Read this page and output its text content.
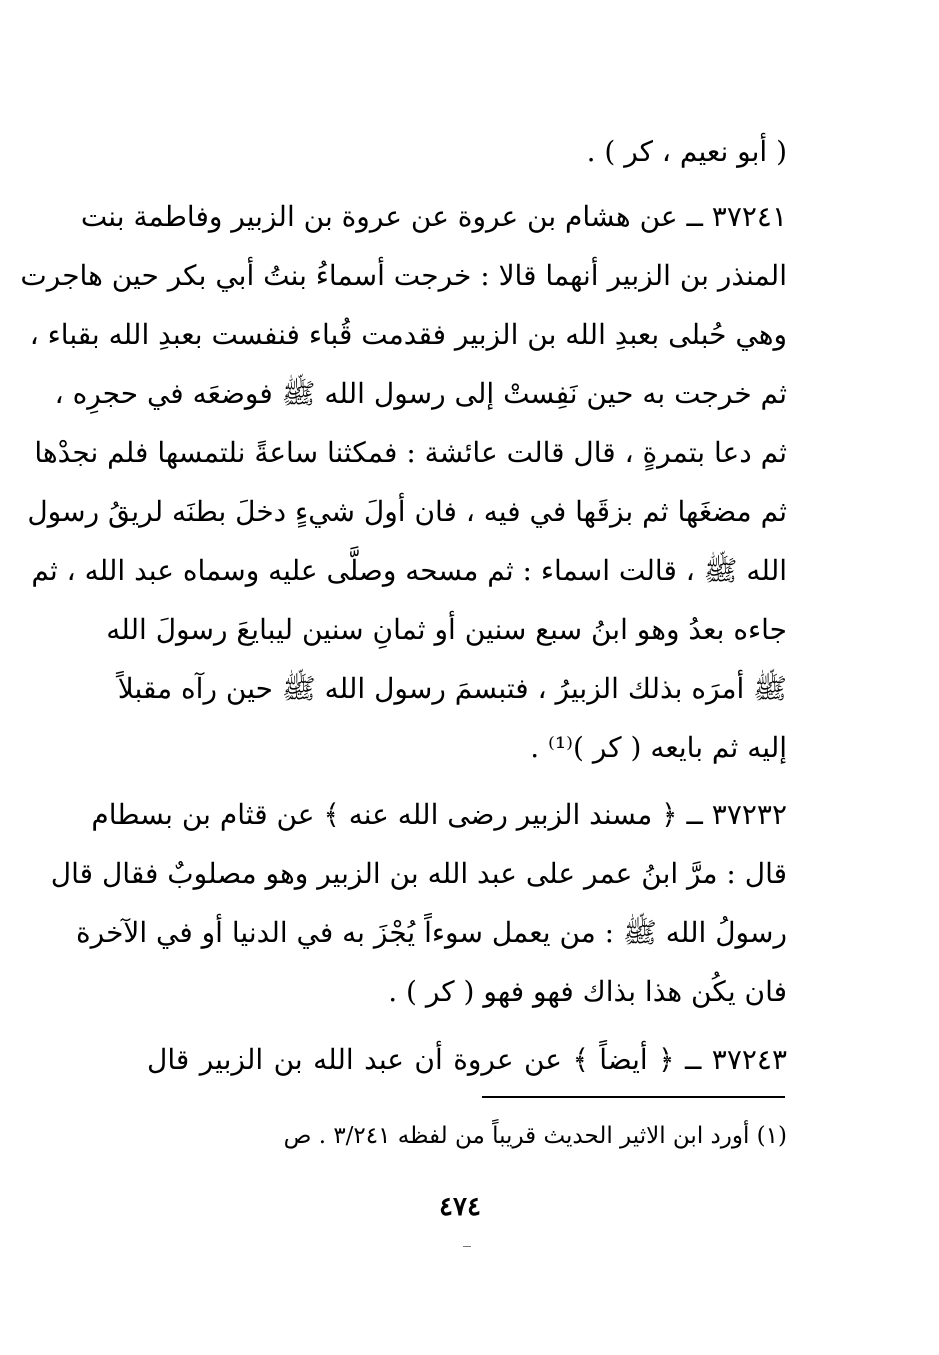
( أبو نعيم ، كر ) .
٣٧٢٤١ ــ عن هشام بن عروة عن عروة بن الزبير وفاطمة بنت
المنذر بن الزبير أنهما قالا : خرجت أسماءُ بنتُ أبي بكر حين هاجرت
وهي حُبلى بعبدِ الله بن الزبير فقدمت قُباء فنفست بعبدِ الله بقباء ،
ثم خرجت به حين نَفِستْ إلى رسول الله ﷺ فوضعَه في حجرِه ،
ثم دعا بتمرةٍ ، قال قالت عائشة : فمكثنا ساعةً نلتمسها فلم نجدْها
ثم مضغَها ثم بزقَها في فيه ، فان أولَ شيءٍ دخلَ بطنَه لريقُ رسول
الله ﷺ ، قالت اسماء : ثم مسحه وصلَّى عليه وسماه عبد الله ، ثم
جاءه بعدُ وهو ابنُ سبع سنين أو ثمانِ سنين ليبايعَ رسولَ الله
ﷺ أمرَه بذلك الزبيرُ ، فتبسمَ رسول الله ﷺ حين رآه مقبلاً
إليه ثم بايعه ( كر )⁽¹⁾ .
٣٧٢٣٢ ــ ﴿ مسند الزبير رضى الله عنه ﴾ عن قثام بن بسطام
قال : مرَّ ابنُ عمر على عبد الله بن الزبير وهو مصلوبٌ فقال قال
رسولُ الله ﷺ : من يعمل سوءاً يُجْزَ به في الدنيا أو في الآخرة
فان يكُن هذا بذاك فهو فهو ( كر ) .
٣٧٢٤٣ ــ ﴿ أيضاً ﴾ عن عروة أن عبد الله بن الزبير قال
(١) أورد ابن الاثير الحديث قريباً من لفظه ٣/٢٤١ . ص
٤٧٤
